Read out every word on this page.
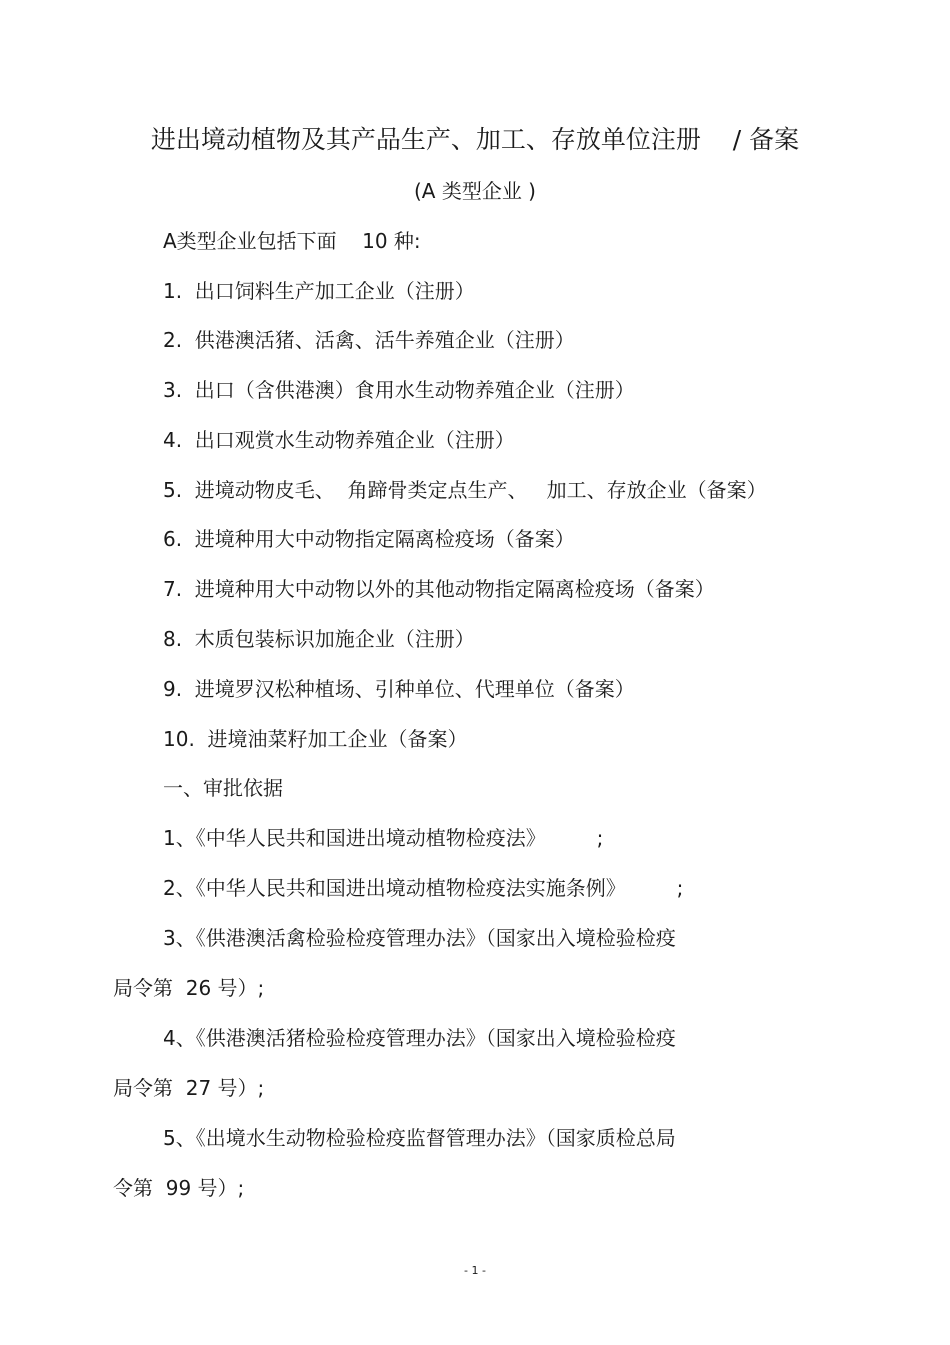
进出境动植物及其产品生产、加工、存放单位注册    / 备案
(A 类型企业 )
A类型企业包括下面    10 种:
1.  出口饲料生产加工企业（注册）
2.  供港澳活猪、活禽、活牛养殖企业（注册）
3.  出口（含供港澳）食用水生动物养殖企业（注册）
4.  出口观赏水生动物养殖企业（注册）
5.  进境动物皮毛、  角蹄骨类定点生产、   加工、存放企业（备案）
6.  进境种用大中动物指定隔离检疫场（备案）
7.  进境种用大中动物以外的其他动物指定隔离检疫场（备案）
8.  木质包装标识加施企业（注册）
9.  进境罗汉松种植场、引种单位、代理单位（备案）
10.  进境油菜籽加工企业（备案）
一、审批依据
1、《中华人民共和国进出境动植物检疫法》        ;
2、《中华人民共和国进出境动植物检疫法实施条例》        ;
3、《供港澳活禽检验检疫管理办法》（国家出入境检验检疫
局令第  26 号）;
4、《供港澳活猪检验检疫管理办法》（国家出入境检验检疫
局令第  27 号）;
5、《出境水生动物检验检疫监督管理办法》（国家质检总局
令第  99 号）;
- 1 -
